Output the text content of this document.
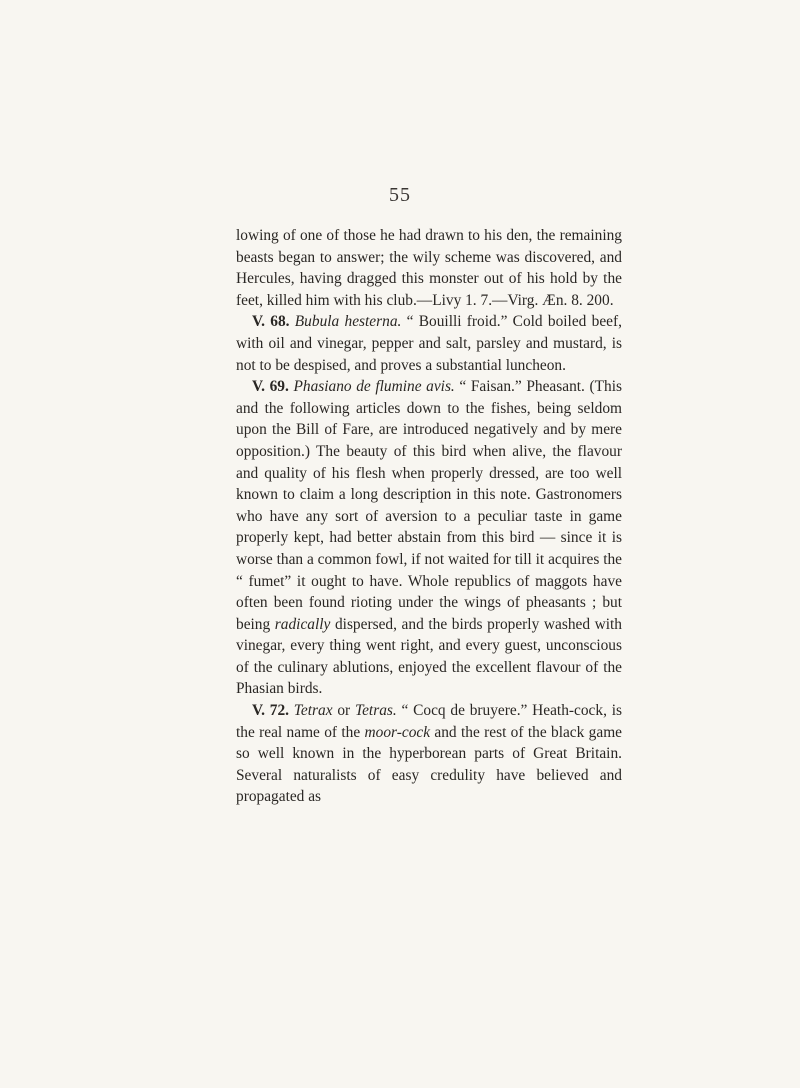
55

lowing of one of those he had drawn to his den, the remaining beasts began to answer; the wily scheme was discovered, and Hercules, having dragged this monster out of his hold by the feet, killed him with his club.—Livy 1. 7.—Virg. Æn. 8. 200.

V. 68. Bubula hesterna. “ Bouilli froid.” Cold boiled beef, with oil and vinegar, pepper and salt, parsley and mustard, is not to be despised, and proves a substantial luncheon.

V. 69. Phasiano de flumine avis. “ Faisan.” Pheasant. (This and the following articles down to the fishes, being seldom upon the Bill of Fare, are introduced negatively and by mere opposition.) The beauty of this bird when alive, the flavour and quality of his flesh when properly dressed, are too well known to claim a long description in this note. Gastronomers who have any sort of aversion to a peculiar taste in game properly kept, had better abstain from this bird — since it is worse than a common fowl, if not waited for till it acquires the “ fumet” it ought to have. Whole republics of maggots have often been found rioting under the wings of pheasants ; but being radically dispersed, and the birds properly washed with vinegar, every thing went right, and every guest, unconscious of the culinary ablutions, enjoyed the excellent flavour of the Phasian birds.

V. 72. Tetrax or Tetras. “ Cocq de bruyere.” Heath-cock, is the real name of the moor-cock and the rest of the black game so well known in the hyperborean parts of Great Britain. Several naturalists of easy credulity have believed and propagated as
